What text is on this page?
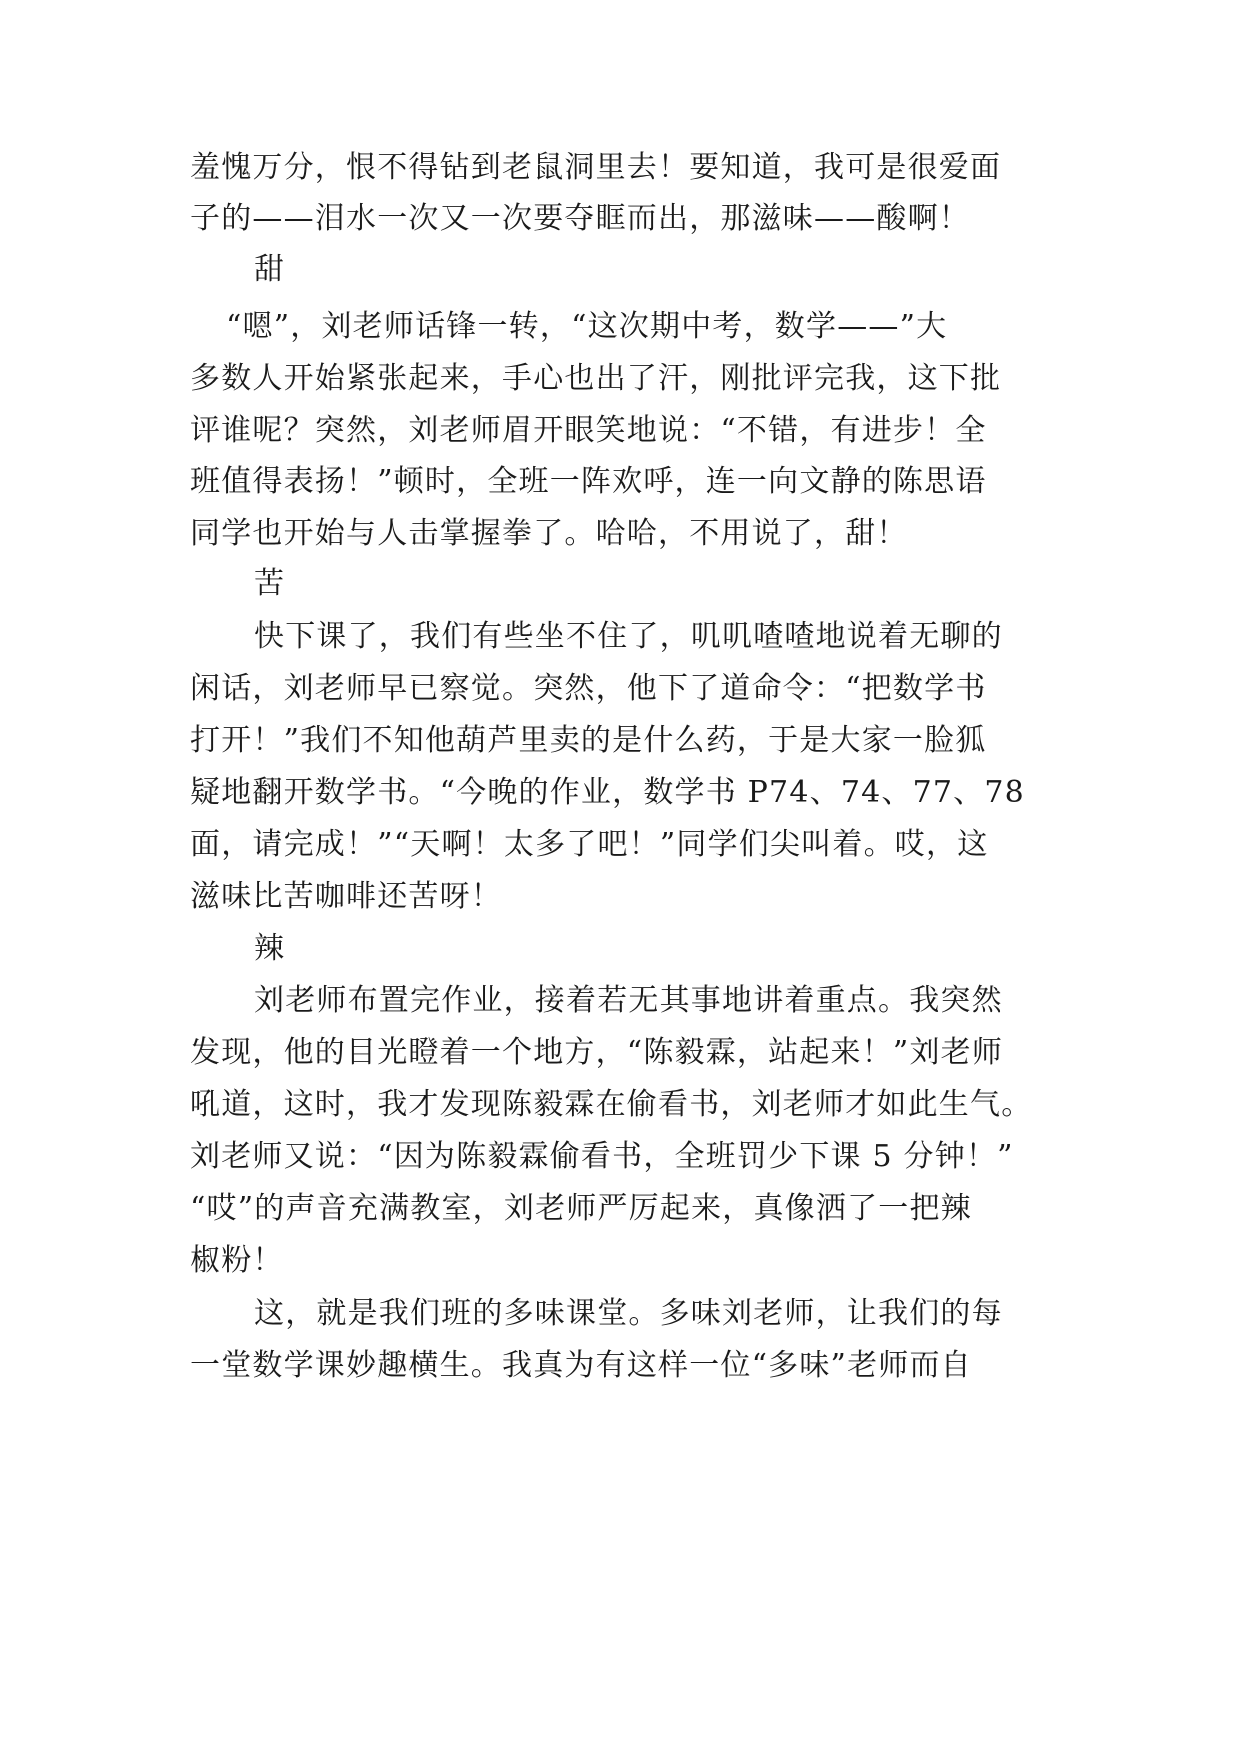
羞愧万分，恨不得钻到老鼠洞里去！要知道，我可是很爱面
子的——泪水一次又一次要夺眶而出，那滋味——酸啊！
甜
“嗯”，刘老师话锋一转，“这次期中考，数学——”大
多数人开始紧张起来，手心也出了汗，刚批评完我，这下批
评谁呢？突然，刘老师眉开眼笑地说：“不错，有进步！全
班值得表扬！”顿时，全班一阵欢呼，连一向文静的陈思语
同学也开始与人击掌握拳了。哈哈，不用说了，甜！
苦
快下课了，我们有些坐不住了，叽叽喳喳地说着无聊的
闲话，刘老师早已察觉。突然，他下了道命令：“把数学书
打开！”我们不知他葫芦里卖的是什么药，于是大家一脸狐
疑地翻开数学书。“今晚的作业，数学书 P74、74、77、78
面，请完成！”“天啊！太多了吧！”同学们尖叫着。哎，这
滋味比苦咖啡还苦呀！
辣
刘老师布置完作业，接着若无其事地讲着重点。我突然
发现，他的目光瞪着一个地方，“陈毅霖，站起来！”刘老师
吼道，这时，我才发现陈毅霖在偷看书，刘老师才如此生气。
刘老师又说：“因为陈毅霖偷看书，全班罚少下课 5 分钟！”
“哎”的声音充满教室，刘老师严厉起来，真像洒了一把辣
椒粉！
这，就是我们班的多味课堂。多味刘老师，让我们的每
一堂数学课妙趣横生。我真为有这样一位“多味”老师而自
